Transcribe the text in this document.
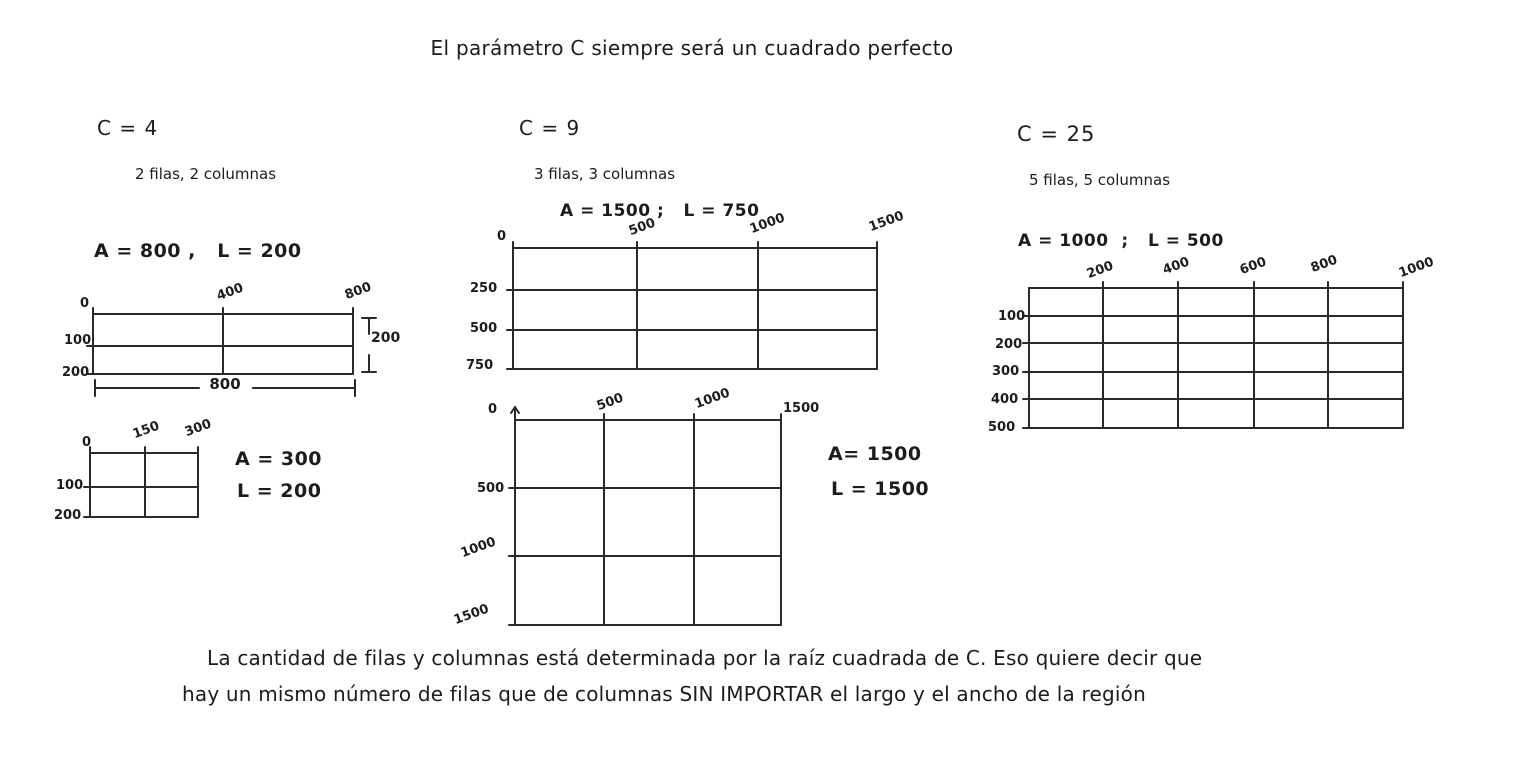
El parámetro C siempre será un cuadrado perfecto
C = 4
2 filas, 2 columnas
A = 800 ,   L = 200
0	400	800
100
200
200
800
0
150 300
100
200
A = 300
L = 200
C = 9
3 filas, 3 columnas
A = 1500 ;   L = 750
0	500	1000	1500
250
500
750
0	500	1000	1500
500
1000
1500
A= 1500
L = 1500
C = 25
5 filas, 5 columnas
A = 1000  ;   L = 500
200	400	600	800	1000
100
200
300
400
500
La cantidad de filas y columnas está determinada por la raíz cuadrada de C. Eso quiere decir que
hay un mismo número de filas que de columnas SIN IMPORTAR el largo y el ancho de la región
